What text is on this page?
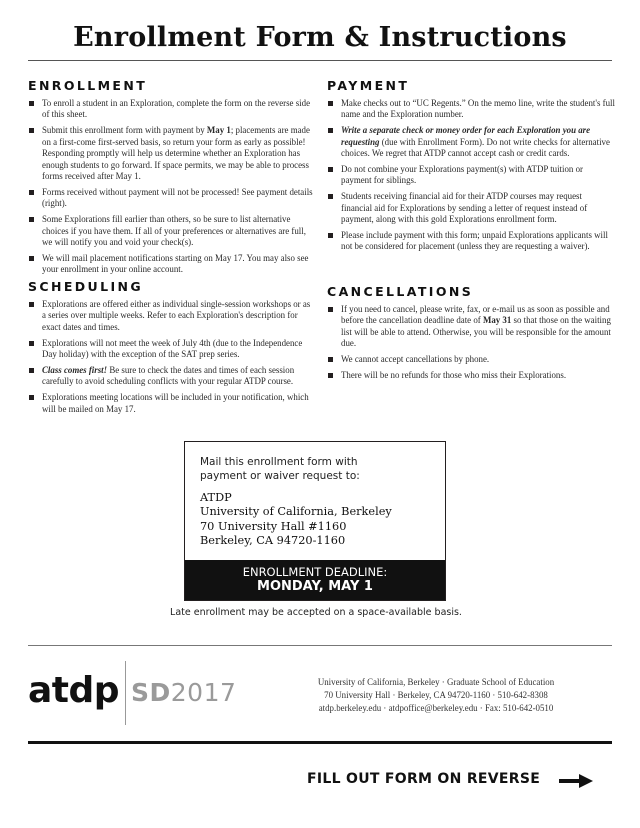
Enrollment Form & Instructions
ENROLLMENT
To enroll a student in an Exploration, complete the form on the reverse side of this sheet.
Submit this enrollment form with payment by May 1; placements are made on a first-come first-served basis, so return your form as early as possible! Responding promptly will help us determine whether an Exploration has enough students to go forward. If space permits, we may be able to process forms received after May 1.
Forms received without payment will not be processed! See payment details (right).
Some Explorations fill earlier than others, so be sure to list alternative choices if you have them. If all of your preferences or alternatives are full, we will notify you and void your check(s).
We will mail placement notifications starting on May 17. You may also see your enrollment in your online account.
SCHEDULING
Explorations are offered either as individual single-session workshops or as a series over multiple weeks. Refer to each Exploration's description for exact dates and times.
Explorations will not meet the week of July 4th (due to the Independence Day holiday) with the exception of the SAT prep series.
Class comes first! Be sure to check the dates and times of each session carefully to avoid scheduling conflicts with your regular ATDP course.
Explorations meeting locations will be included in your notification, which will be mailed on May 17.
PAYMENT
Make checks out to “UC Regents.” On the memo line, write the student's full name and the Exploration number.
Write a separate check or money order for each Exploration you are requesting (due with Enrollment Form). Do not write checks for alternative choices. We regret that ATDP cannot accept cash or credit cards.
Do not combine your Explorations payment(s) with ATDP tuition or payment for siblings.
Students receiving financial aid for their ATDP courses may request financial aid for Explorations by sending a letter of request instead of payment, along with this gold Explorations enrollment form.
Please include payment with this form; unpaid Explorations applicants will not be considered for placement (unless they are requesting a waiver).
CANCELLATIONS
If you need to cancel, please write, fax, or e-mail us as soon as possible and before the cancellation deadline date of May 31 so that those on the waiting list will be able to attend. Otherwise, you will be responsible for the amount due.
We cannot accept cancellations by phone.
There will be no refunds for those who miss their Explorations.
Mail this enrollment form with
payment or waiver request to:
ATDP
University of California, Berkeley
70 University Hall #1160
Berkeley, CA 94720-1160
ENROLLMENT DEADLINE:
MONDAY, MAY 1
Late enrollment may be accepted on a space-available basis.
atdp SD2017	University of California, Berkeley · Graduate School of Education
70 University Hall · Berkeley, CA 94720-1160 · 510-642-8308
atdp.berkeley.edu · atdpoffice@berkeley.edu · Fax: 510-642-0510
FILL OUT FORM ON REVERSE
